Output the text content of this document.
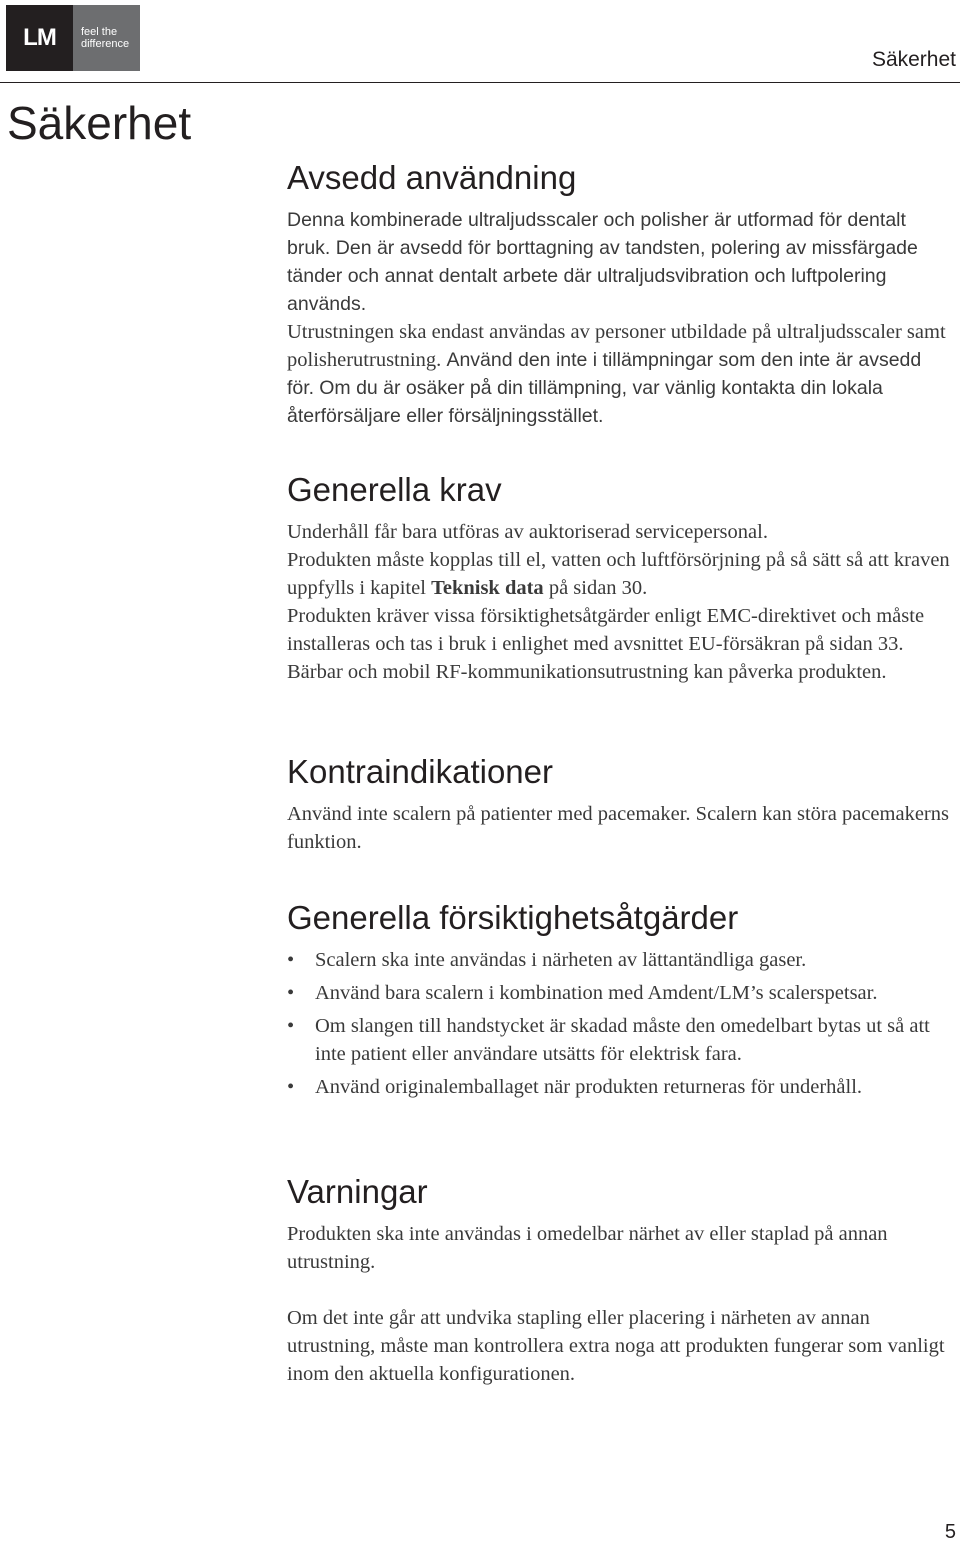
LM	feel the
difference
Säkerhet
Säkerhet
Avsedd användning

Denna kombinerade ultraljudsscaler och polisher är utformad för dentalt bruk. Den är avsedd för borttagning av tandsten, polering av missfärgade tänder och annat dentalt arbete där ultraljudsvibration och luftpolering används.

Utrustningen ska endast användas av personer utbildade på ultraljudsscaler samt polisherutrustning. Använd den inte i tillämpningar som den inte är avsedd för. Om du är osäker på din tillämpning, var vänlig kontakta din lokala återförsäljare eller försäljningsstället.

Generella krav

Underhåll får bara utföras av auktoriserad servicepersonal.

Produkten måste kopplas till el, vatten och luftförsörjning på så sätt så att kraven uppfylls i kapitel Teknisk data på sidan 30.

Produkten kräver vissa försiktighetsåtgärder enligt EMC-direktivet och måste installeras och tas i bruk i enlighet med avsnittet EU-försäkran på sidan 33. Bärbar och mobil RF-kommunikationsutrustning kan påverka produkten.

Kontraindikationer

Använd inte scalern på patienter med pacemaker. Scalern kan störa pacemakerns funktion.

Generella försiktighetsåtgärder
• Scalern ska inte användas i närheten av lättantändliga gaser.
• Använd bara scalern i kombination med Amdent/LM’s scalerspetsar.
• Om slangen till handstycket är skadad måste den omedelbart bytas ut så att inte patient eller användare utsätts för elektrisk fara.
• Använd originalemballaget när produkten returneras för underhåll.
Varningar

Produkten ska inte användas i omedelbar närhet av eller staplad på annan utrustning.

Om det inte går att undvika stapling eller placering i närheten av annan utrustning, måste man kontrollera extra noga att produkten fungerar som vanligt inom den aktuella konfigurationen.

5
